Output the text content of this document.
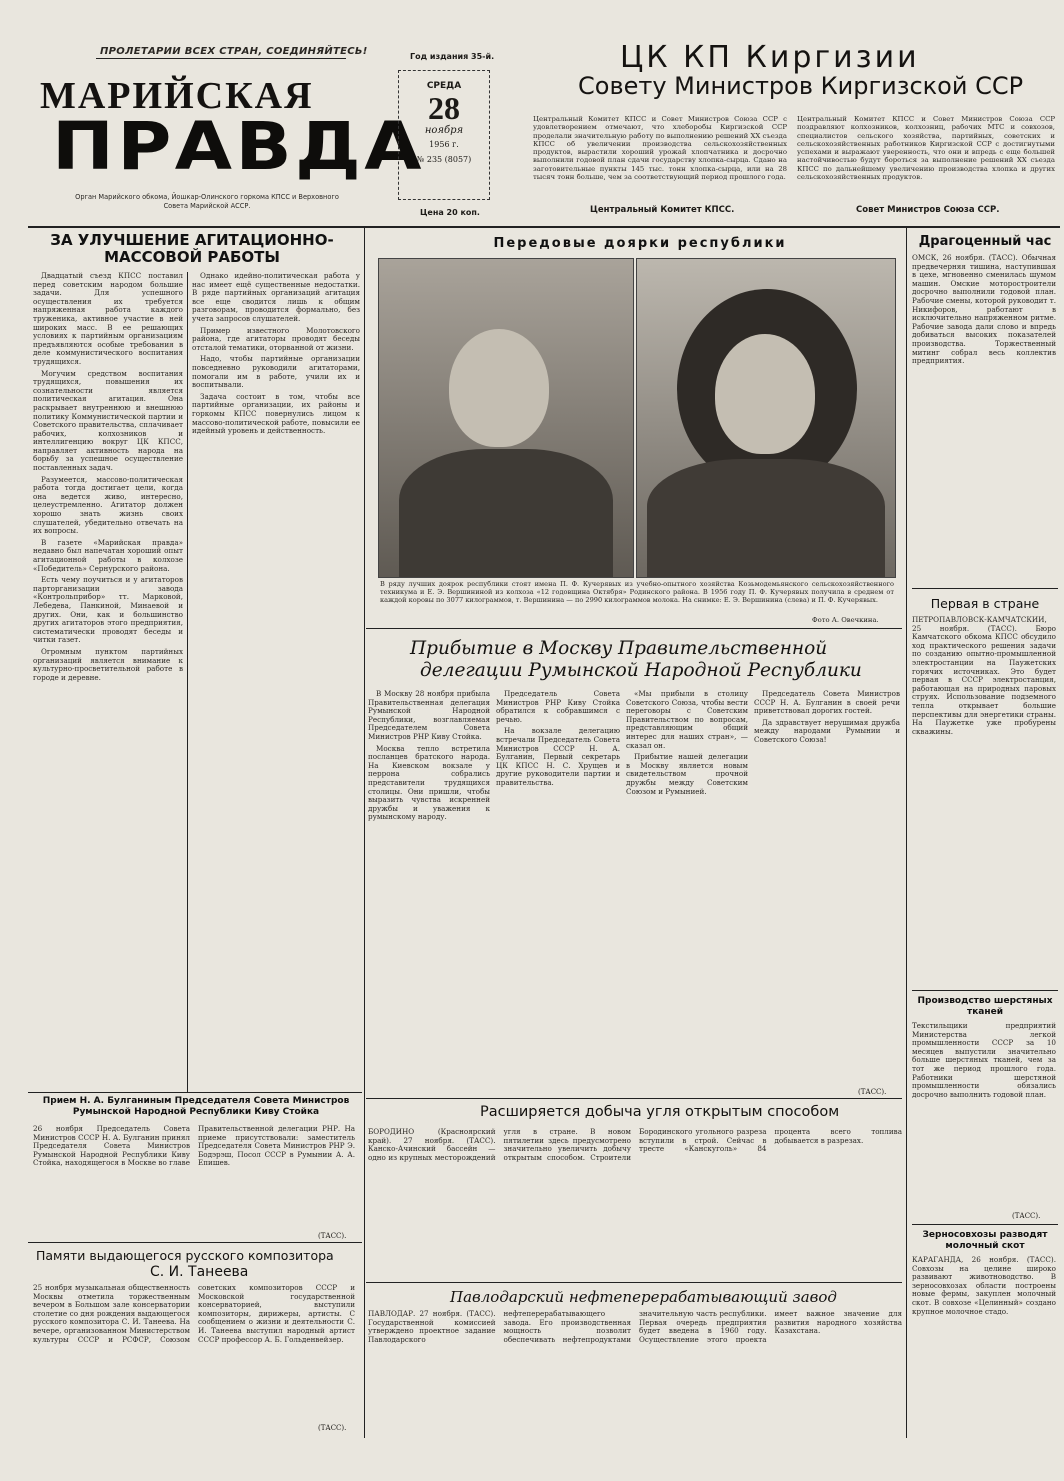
ПРОЛЕТАРИИ ВСЕХ СТРАН, СОЕДИНЯЙТЕСЬ!
МАРИЙСКАЯ
ПРАВДА
Орган Марийского обкома, Йошкар-Олинского горкома КПСС и Верховного Совета Марийской АССР.
Год издания 35-й.
СРЕДА
28
ноября
1956 г.
№ 235 (8057)
Цена 20 коп.
ЦК КП Киргизии
Совету Министров Киргизской ССР
Центральный Комитет КПСС и Совет Министров Союза ССР с удовлетворением отмечают, что хлеборобы Киргизской ССР проделали значительную работу по выполнению решений XX съезда КПСС об увеличении производства сельскохозяйственных продуктов, вырастили хороший урожай хлопчатника и досрочно выполнили годовой план сдачи государству хлопка-сырца. Сдано на заготовительные пункты 145 тыс. тонн хлопка-сырца, или на 28 тысяч тонн больше, чем за соответствующий период прошлого года.
Центральный Комитет КПСС.
Центральный Комитет КПСС и Совет Министров Союза ССР поздравляют колхозников, колхозниц, рабочих МТС и совхозов, специалистов сельского хозяйства, партийных, советских и сельскохозяйственных работников Киргизской ССР с достигнутыми успехами и выражают уверенность, что они и впредь с еще большей настойчивостью будут бороться за выполнение решений XX съезда КПСС по дальнейшему увеличению производства хлопка и других сельскохозяйственных продуктов.
Совет Министров Союза ССР.
ЗА УЛУЧШЕНИЕ АГИТАЦИОННО-МАССОВОЙ РАБОТЫ

Двадцатый съезд КПСС поставил перед советским народом большие задачи. Для успешного осуществления их требуется напряженная работа каждого труженика, активное участие в ней широких масс. В ее решающих условиях к партийным организациям предъявляются особые требования в деле коммунистического воспитания трудящихся.

Могучим средством воспитания трудящихся, повышения их сознательности является политическая агитация. Она раскрывает внутреннюю и внешнюю политику Коммунистической партии и Советского правительства, сплачивает рабочих, колхозников и интеллигенцию вокруг ЦК КПСС, направляет активность народа на борьбу за успешное осуществление поставленных задач.

Разумеется, массово-политическая работа тогда достигает цели, когда она ведется живо, интересно, целеустремленно. Агитатор должен хорошо знать жизнь своих слушателей, убедительно отвечать на их вопросы.

В газете «Марийская правда» недавно был напечатан хороший опыт агитационной работы в колхозе «Победитель» Сернурского района.

Есть чему поучиться и у агитаторов парторганизации завода «Контрольприбор» тт. Марковой, Лебедева, Панкиной, Минаевой и других. Они, как и большинство других агитаторов этого предприятия, систематически проводят беседы и читки газет.

Огромным пунктом партийных организаций является внимание к культурно-просветительной работе в городе и деревне.

Однако идейно-политическая работа у нас имеет ещё существенные недостатки. В ряде партийных организаций агитация все еще сводится лишь к общим разговорам, проводится формально, без учета запросов слушателей.

Пример известного Молотовского района, где агитаторы проводят беседы отсталой тематики, оторванной от жизни.

Надо, чтобы партийные организации повседневно руководили агитаторами, помогали им в работе, учили их и воспитывали.

Задача состоит в том, чтобы все партийные организации, их районы и горкомы КПСС повернулись лицом к массово-политической работе, повысили ее идейный уровень и действенность.

Передовые доярки республики
В ряду лучших доярок республики стоят имена П. Ф. Кучерявых из учебно-опытного хозяйства Козьмодемьянского сельскохозяйственного техникума и Е. Э. Вершининой из колхоза «12 годовщина Октября» Родинского района. В 1956 году П. Ф. Кучерявых получила в среднем от каждой коровы по 3077 килограммов, т. Вершинина — по 2990 килограммов молока. На снимке: Е. Э. Вершинина (слева) и П. Ф. Кучерявых.
Фото А. Овечкина.
Прибытие в Москву Правительственной
делегации Румынской Народной Республики

В Москву 28 ноября прибыла Правительственная делегация Румынской Народной Республики, возглавляемая Председателем Совета Министров РНР Киву Стойка.

Москва тепло встретила посланцев братского народа. На Киевском вокзале у перрона собрались представители трудящихся столицы. Они пришли, чтобы выразить чувства искренней дружбы и уважения к румынскому народу.

Председатель Совета Министров РНР Киву Стойка обратился к собравшимся с речью.

На вокзале делегацию встречали Председатель Совета Министров СССР Н. А. Булганин, Первый секретарь ЦК КПСС Н. С. Хрущев и другие руководители партии и правительства.

«Мы прибыли в столицу Советского Союза, чтобы вести переговоры с Советским Правительством по вопросам, представляющим общий интерес для наших стран», — сказал он.

Прибытие нашей делегации в Москву является новым свидетельством прочной дружбы между Советским Союзом и Румынией.

Председатель Совета Министров СССР Н. А. Булганин в своей речи приветствовал дорогих гостей.

Да здравствует нерушимая дружба между народами Румынии и Советского Союза!

(ТАСС).
Расширяется добыча угля открытым способом
БОРОДИНО (Красноярский край). 27 ноября. (ТАСС). Канско-Ачинский бассейн — одно из крупных месторождений угля в стране. В новом пятилетии здесь предусмотрено значительно увеличить добычу открытым способом. Строители Бородинского угольного разреза вступили в строй. Сейчас в тресте «Канскуголь» 84 процента всего топлива добывается в разрезах.
Павлодарский нефтеперерабатывающий завод
ПАВЛОДАР. 27 ноября. (ТАСС). Государственной комиссией утверждено проектное задание Павлодарского нефтеперерабатывающего завода. Его производственная мощность позволит обеспечивать нефтепродуктами значительную часть республики. Первая очередь предприятия будет введена в 1960 году. Осуществление этого проекта имеет важное значение для развития народного хозяйства Казахстана.
Прием Н. А. Булганиным Председателя Совета Министров Румынской Народной Республики Киву Стойка
26 ноября Председатель Совета Министров СССР Н. А. Булганин принял Председателя Совета Министров Румынской Народной Республики Киву Стойка, находящегося в Москве во главе Правительственной делегации РНР. На приеме присутствовали: заместитель Председателя Совета Министров РНР Э. Бодэрэш, Посол СССР в Румынии А. А. Епишев.
(ТАСС).
Памяти выдающегося русского композитора
С. И. Танеева
25 ноября музыкальная общественность Москвы отметила торжественным вечером в Большом зале консерватории столетие со дня рождения выдающегося русского композитора С. И. Танеева. На вечере, организованном Министерством культуры СССР и РСФСР, Союзом советских композиторов СССР и Московской государственной консерваторией, выступили композиторы, дирижеры, артисты. С сообщением о жизни и деятельности С. И. Танеева выступил народный артист СССР профессор А. Б. Гольденвейзер.
(ТАСС).
Драгоценный час
ОМСК, 26 ноября. (ТАСС). Обычная предвечерняя тишина, наступившая в цехе, мгновенно сменилась шумом машин. Омские моторостроители досрочно выполнили годовой план. Рабочие смены, которой руководит т. Никифоров, работают в исключительно напряженном ритме. Рабочие завода дали слово и впредь добиваться высоких показателей производства. Торжественный митинг собрал весь коллектив предприятия.
Первая в стране
ПЕТРОПАВЛОВСК-КАМЧАТСКИЙ, 25 ноября. (ТАСС). Бюро Камчатского обкома КПСС обсудило ход практического решения задачи по созданию опытно-промышленной электростанции на Паужетских горячих источниках. Это будет первая в СССР электростанция, работающая на природных паровых струях. Использование подземного тепла открывает большие перспективы для энергетики страны. На Паужетке уже пробурены скважины.
Производство шерстяных тканей
Текстильщики предприятий Министерства легкой промышленности СССР за 10 месяцев выпустили значительно больше шерстяных тканей, чем за тот же период прошлого года. Работники шерстяной промышленности обязались досрочно выполнить годовой план.
(ТАСС).
Зерносовхозы разводят молочный скот
КАРАГАНДА, 26 ноября. (ТАСС). Совхозы на целине широко развивают животноводство. В зерносовхозах области построены новые фермы, закуплен молочный скот. В совхозе «Целинный» создано крупное молочное стадо.
